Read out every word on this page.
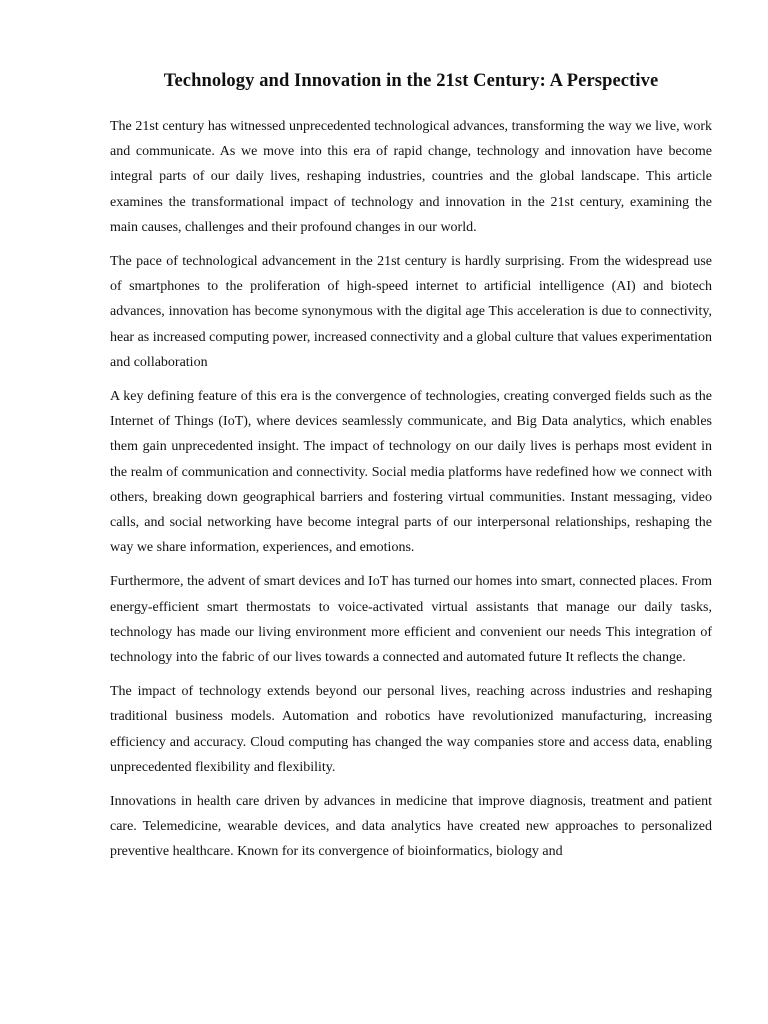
Technology and Innovation in the 21st Century: A Perspective

The 21st century has witnessed unprecedented technological advances, transforming the way we live, work and communicate. As we move into this era of rapid change, technology and innovation have become integral parts of our daily lives, reshaping industries, countries and the global landscape. This article examines the transformational impact of technology and innovation in the 21st century, examining the main causes, challenges and their profound changes in our world.

The pace of technological advancement in the 21st century is hardly surprising. From the widespread use of smartphones to the proliferation of high-speed internet to artificial intelligence (AI) and biotech advances, innovation has become synonymous with the digital age This acceleration is due to connectivity, hear as increased computing power, increased connectivity and a global culture that values experimentation and collaboration

A key defining feature of this era is the convergence of technologies, creating converged fields such as the Internet of Things (IoT), where devices seamlessly communicate, and Big Data analytics, which enables them gain unprecedented insight. The impact of technology on our daily lives is perhaps most evident in the realm of communication and connectivity. Social media platforms have redefined how we connect with others, breaking down geographical barriers and fostering virtual communities. Instant messaging, video calls, and social networking have become integral parts of our interpersonal relationships, reshaping the way we share information, experiences, and emotions.

Furthermore, the advent of smart devices and IoT has turned our homes into smart, connected places. From energy-efficient smart thermostats to voice-activated virtual assistants that manage our daily tasks, technology has made our living environment more efficient and convenient our needs This integration of technology into the fabric of our lives towards a connected and automated future It reflects the change.

The impact of technology extends beyond our personal lives, reaching across industries and reshaping traditional business models. Automation and robotics have revolutionized manufacturing, increasing efficiency and accuracy. Cloud computing has changed the way companies store and access data, enabling unprecedented flexibility and flexibility.

Innovations in health care driven by advances in medicine that improve diagnosis, treatment and patient care. Telemedicine, wearable devices, and data analytics have created new approaches to personalized preventive healthcare. Known for its convergence of bioinformatics, biology and
